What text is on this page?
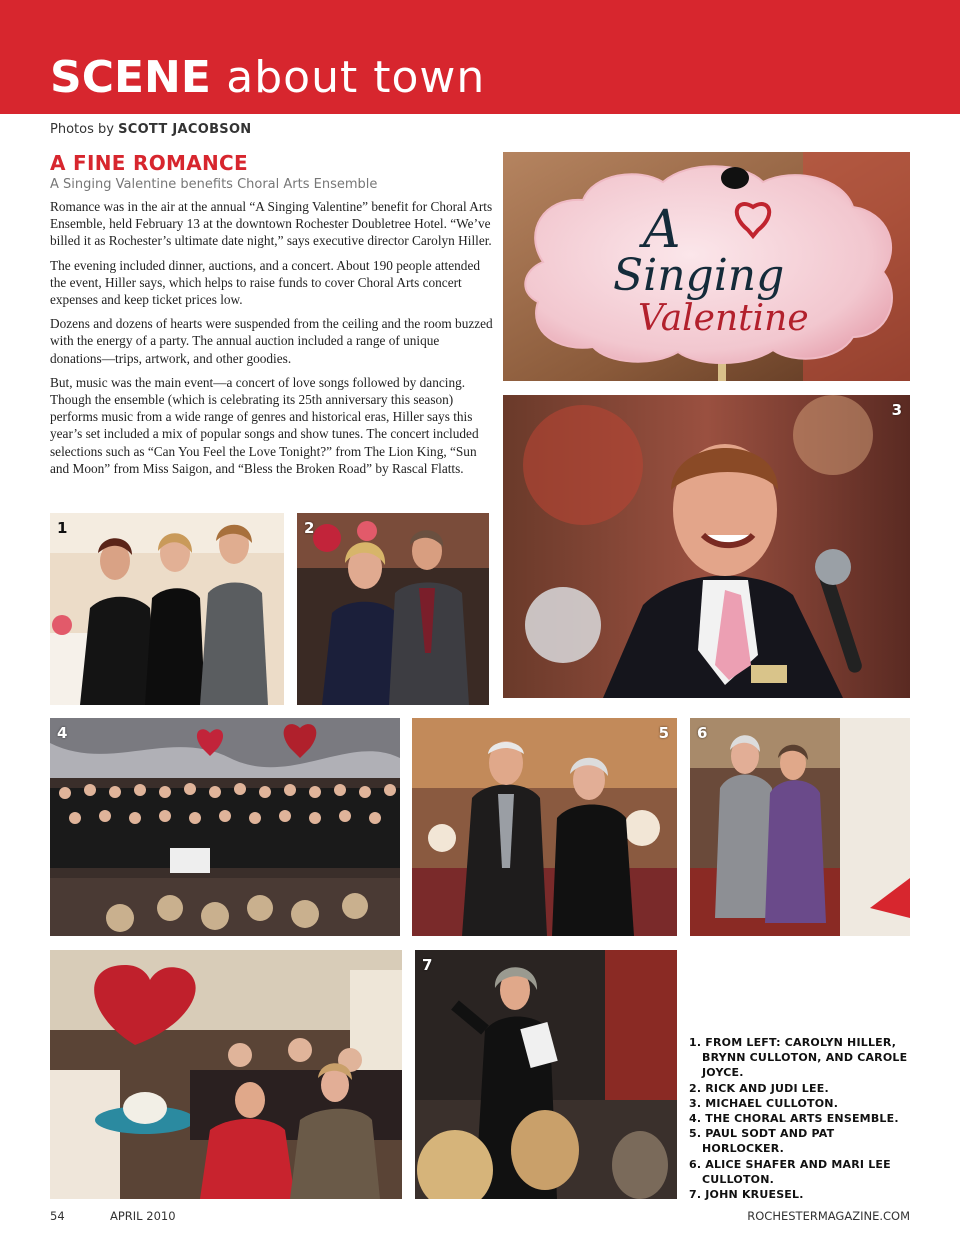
SCENE about town
Photos by SCOTT JACOBSON
A FINE ROMANCE
A Singing Valentine benefits Choral Arts Ensemble

Romance was in the air at the annual “A Singing Valentine” benefit for Choral Arts Ensemble, held February 13 at the downtown Rochester Doubletree Hotel. “We’ve billed it as Rochester’s ultimate date night,” says executive director Carolyn Hiller.

The evening included dinner, auctions, and a concert. About 190 people attended the event, Hiller says, which helps to raise funds to cover Choral Arts concert expenses and keep ticket prices low.

Dozens and dozens of hearts were suspended from the ceiling and the room buzzed with the energy of a party. The annual auction included a range of unique donations—trips, artwork, and other goodies.

But, music was the main event—a concert of love songs followed by dancing. Though the ensemble (which is celebrating its 25th anniversary this season) performs music from a wide range of genres and historical eras, Hiller says this year’s set included a mix of popular songs and show tunes. The concert included selections such as “Can You Feel the Love Tonight?” from The Lion King, “Sun and Moon” from Miss Saigon, and “Bless the Broken Road” by Rascal Flatts.

A
Singing
Valentine
3
1	2
4	5 6
7
1. FROM LEFT: CAROLYN HILLER, BRYNN CULLOTON, AND CAROLE JOYCE.
2. RICK AND JUDI LEE.
3. MICHAEL CULLOTON.
4. THE CHORAL ARTS ENSEMBLE.
5. PAUL SODT AND PAT HORLOCKER.
6. ALICE SHAFER AND MARI LEE CULLOTON.
7. JOHN KRUESEL.
54	APRIL 2010	ROCHESTERMAGAZINE.COM
